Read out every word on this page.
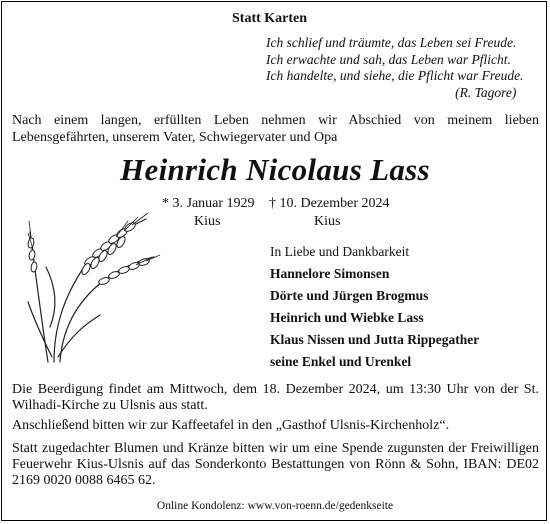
Statt Karten
Ich schlief und träumte, das Leben sei Freude.
Ich erwachte und sah, das Leben war Pflicht.
Ich handelte, und siehe, die Pflicht war Freude.
(R. Tagore)
Nach einem langen, erfüllten Leben nehmen wir Abschied von meinem lieben Lebensgefährten, unserem Vater, Schwiegervater und Opa
Heinrich Nicolaus Lass
* 3. Januar 1929 † 10. Dezember 2024
Kius	Kius
In Liebe und Dankbarkeit
Hannelore Simonsen
Dörte und Jürgen Brogmus
Heinrich und Wiebke Lass
Klaus Nissen und Jutta Rippegather
seine Enkel und Urenkel
Die Beerdigung findet am Mittwoch, dem 18. Dezember 2024, um 13:30 Uhr von der St. Wilhadi-Kirche zu Ulsnis aus statt.
Anschließend bitten wir zur Kaffeetafel in den „Gasthof Ulsnis-Kirchenholz“.
Statt zugedachter Blumen und Kränze bitten wir um eine Spende zugunsten der Freiwilligen Feuerwehr Kius-Ulsnis auf das Sonderkonto Bestattungen von Rönn & Sohn, IBAN: DE02 2169 0020 0088 6465 62.
Online Kondolenz: www.von-roenn.de/gedenkseite
